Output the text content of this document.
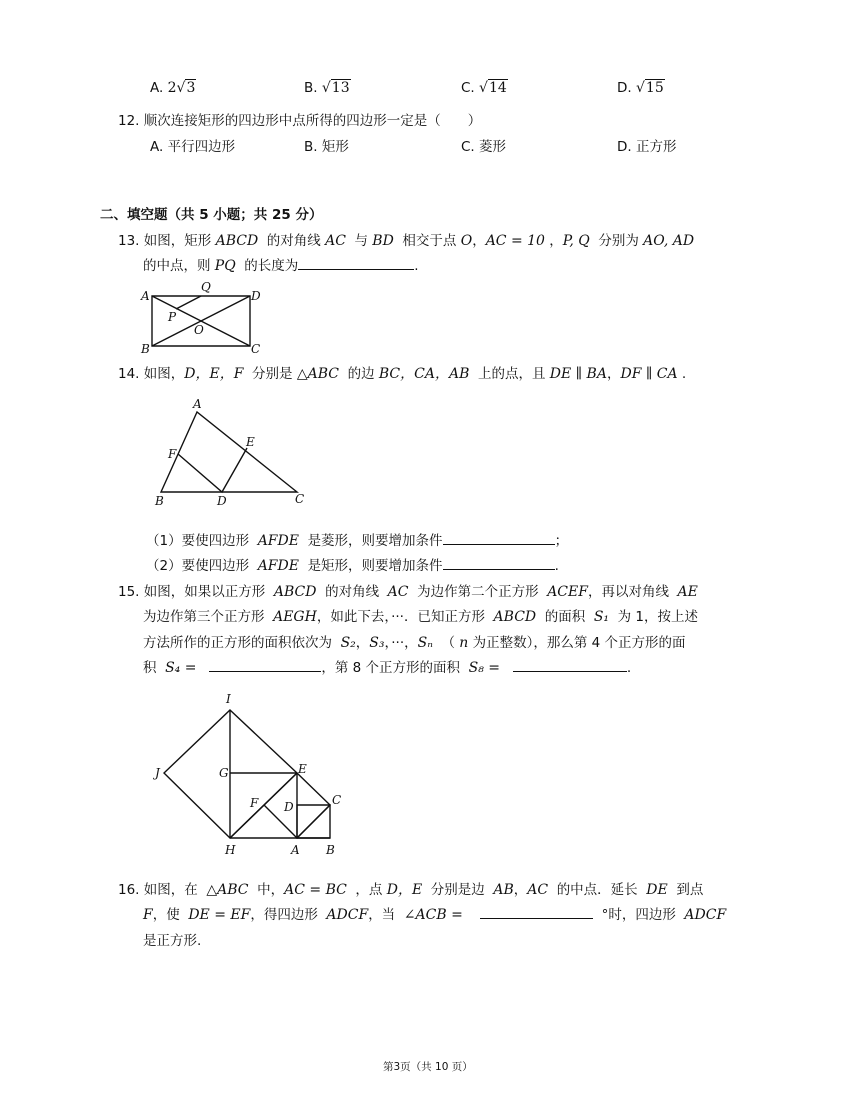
A. 2√3	B. √13	C. √14	D. √15
12. 顺次连接矩形的四边形中点所得的四边形一定是（　　）
A. 平行四边形	B. 矩形	C. 菱形	D. 正方形
二、填空题（共 5 小题；共 25 分）
13. 如图，矩形 ABCD 的对角线 AC 与 BD 相交于点 O，AC = 10 ，P, Q 分别为 AO, AD
的中点，则 PQ 的长度为	.
A
Q
D
P
O
B	C
14. 如图，D，E，F 分别是 △ABC 的边 BC，CA，AB 上的点，且 DE ∥ BA，DF ∥ CA .
A
E
F
B	D	C
（1）要使四边形 AFDE 是菱形，则要增加条件	；
（2）要使四边形 AFDE 是矩形，则要增加条件	.
15. 如图，如果以正方形 ABCD 的对角线 AC 为边作第二个正方形 ACEF，再以对角线 AE
为边作第三个正方形 AEGH，如此下去，···．已知正方形 ABCD 的面积 S₁ 为 1，按上述
方法所作的正方形的面积依次为 S₂，S₃，···，Sₙ （ n 为正整数），那么第 4 个正方形的面
积 S₄ =	，第 8 个正方形的面积 S₈ =	.
I
J	G	E
F D	C
H	A B
16. 如图，在 △ABC 中，AC = BC ，点 D，E 分别是边 AB，AC 的中点．延长 DE 到点
F，使 DE = EF，得四边形 ADCF，当 ∠ACB =	°时，四边形 ADCF
是正方形.
第3页（共 10 页）
